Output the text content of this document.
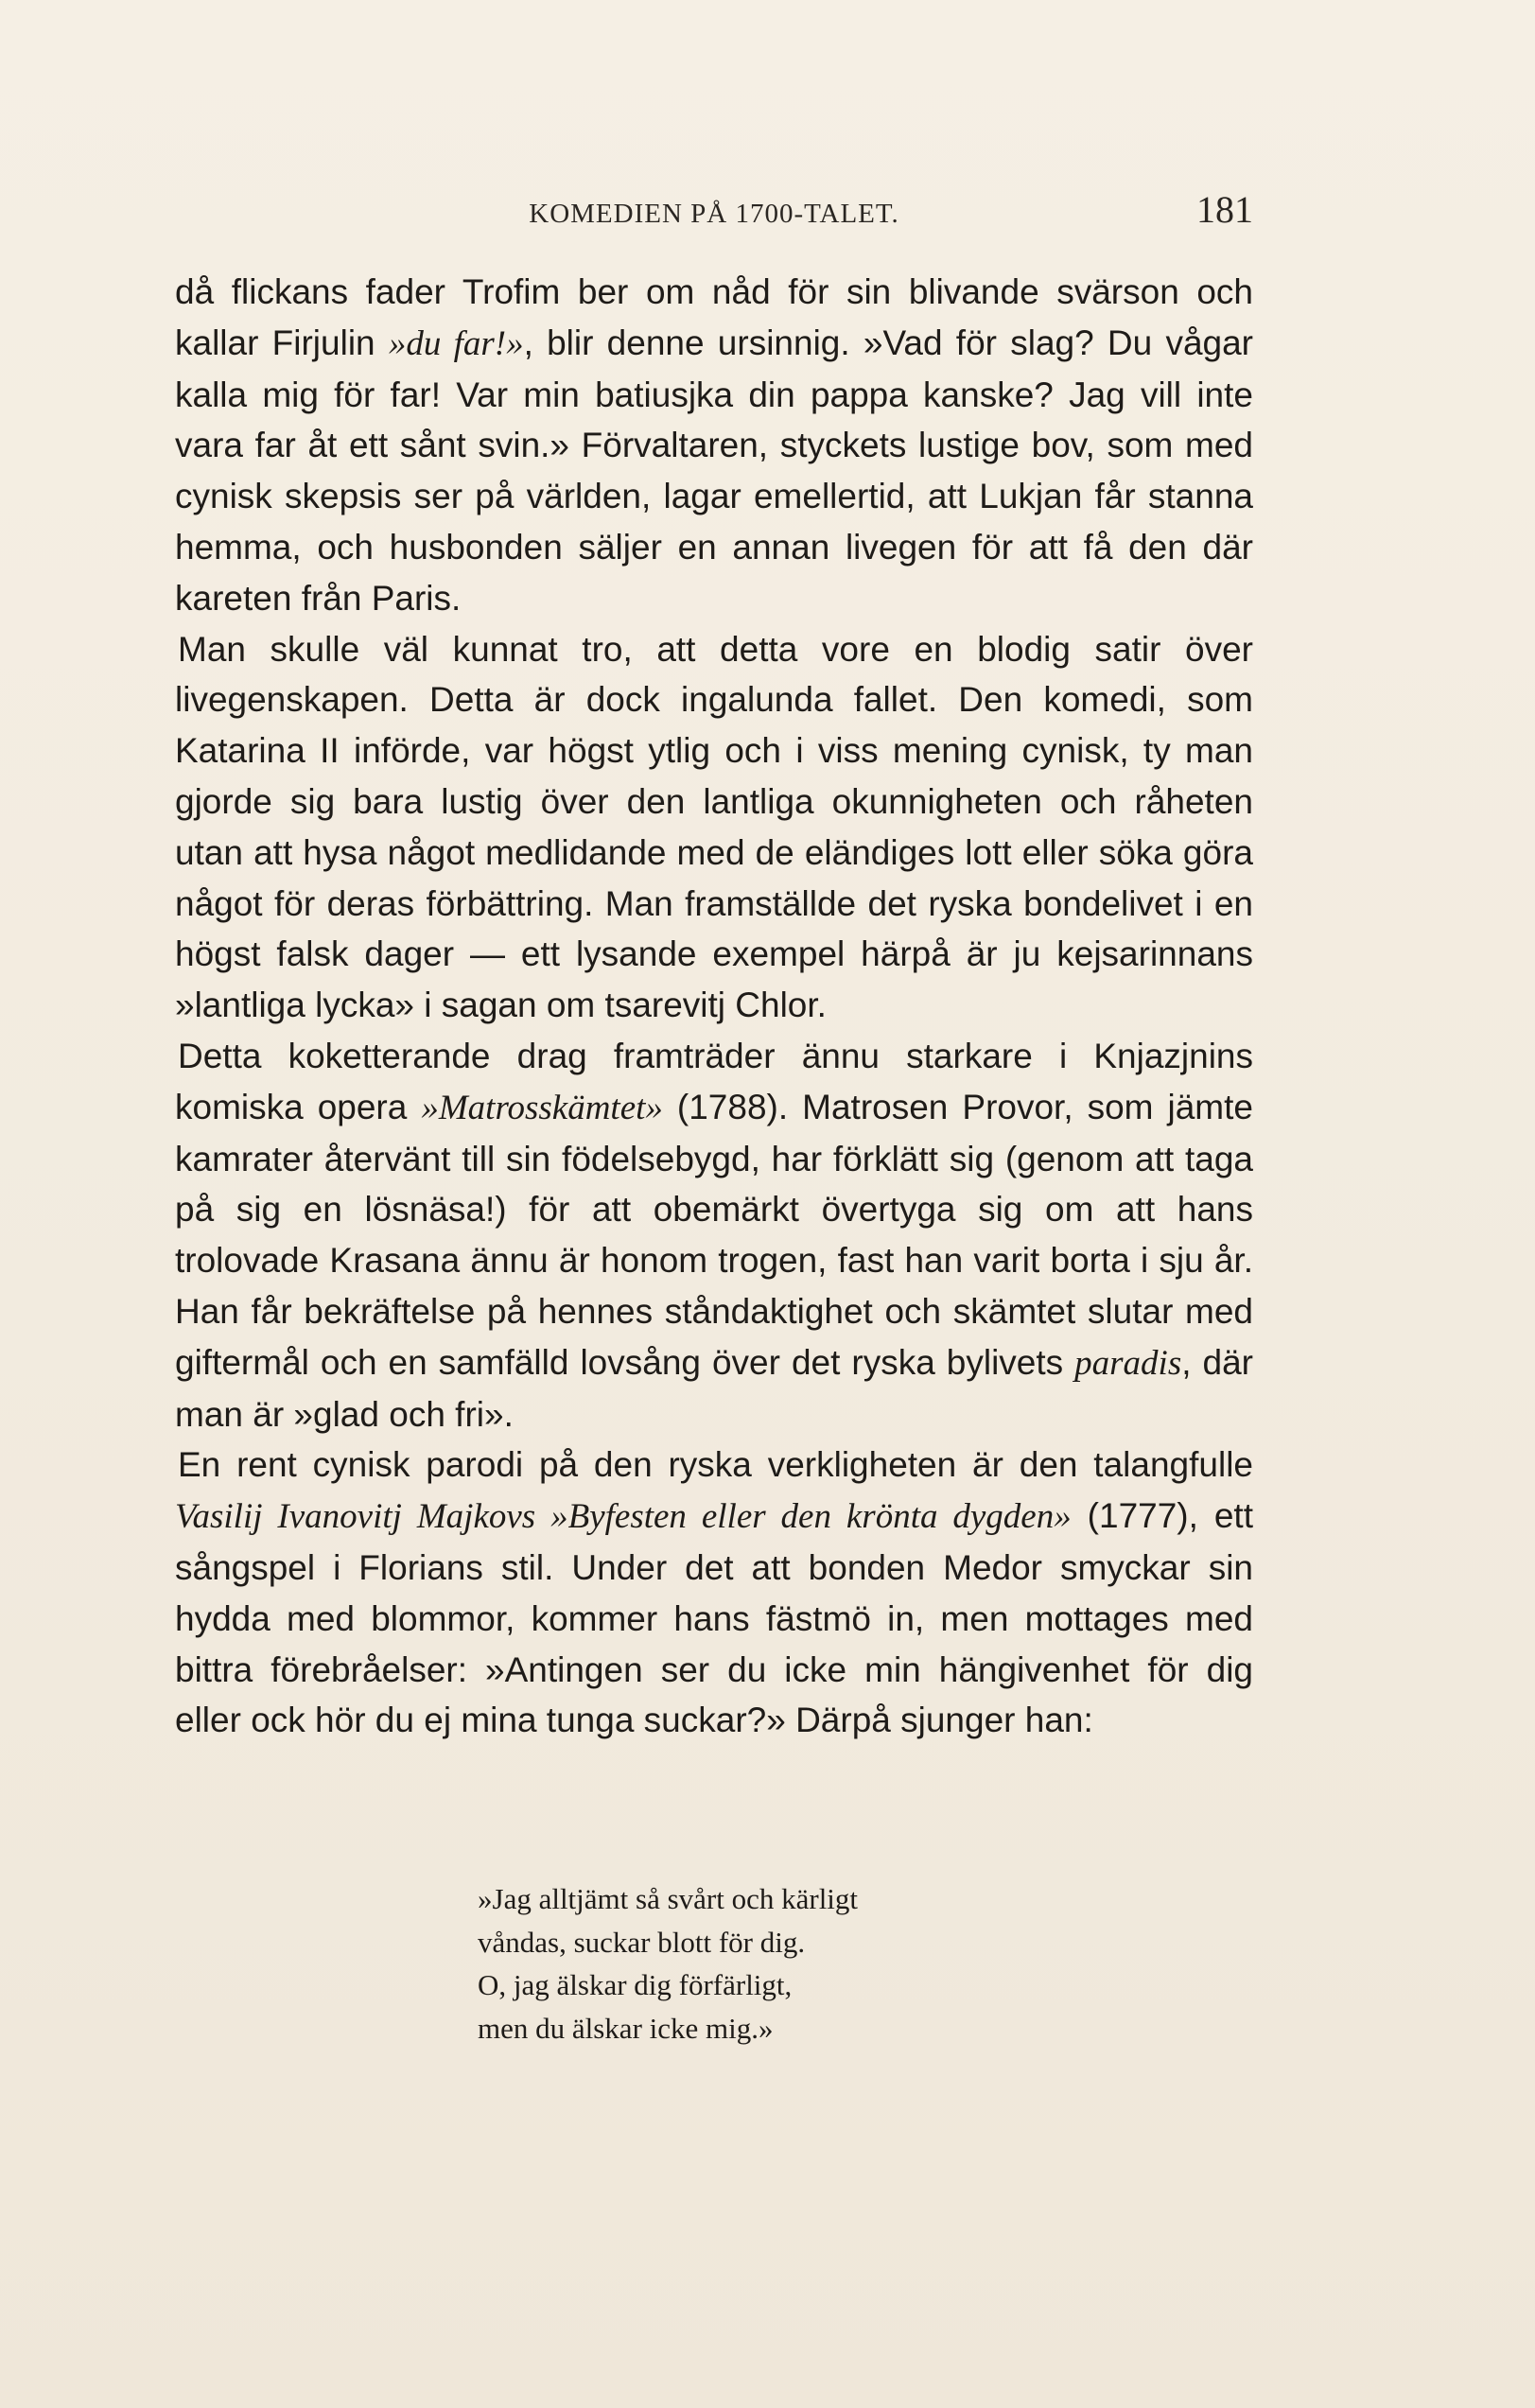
KOMEDIEN PÅ 1700-TALET.	181

då flickans fader Trofim ber om nåd för sin blivande svärson och kallar Firjulin »du far!», blir denne ursinnig. »Vad för slag? Du vågar kalla mig för far! Var min batiusjka din pappa kanske? Jag vill inte vara far åt ett sånt svin.» Förvaltaren, styckets lustige bov, som med cynisk skepsis ser på världen, lagar emellertid, att Lukjan får stanna hemma, och husbonden säljer en annan livegen för att få den där kareten från Paris.

Man skulle väl kunnat tro, att detta vore en blodig satir över livegenskapen. Detta är dock ingalunda fallet. Den komedi, som Katarina II införde, var högst ytlig och i viss mening cynisk, ty man gjorde sig bara lustig över den lantliga okunnigheten och råheten utan att hysa något medlidande med de eländiges lott eller söka göra något för deras förbättring. Man framställde det ryska bondelivet i en högst falsk dager — ett lysande exempel härpå är ju kejsarinnans »lantliga lycka» i sagan om tsarevitj Chlor.

Detta koketterande drag framträder ännu starkare i Knjazjnins komiska opera »Matrosskämtet» (1788). Matrosen Provor, som jämte kamrater återvänt till sin födelsebygd, har förklätt sig (genom att taga på sig en lösnäsa!) för att obemärkt övertyga sig om att hans trolovade Krasana ännu är honom trogen, fast han varit borta i sju år. Han får bekräftelse på hennes ståndaktighet och skämtet slutar med giftermål och en samfälld lovsång över det ryska bylivets paradis, där man är »glad och fri».

En rent cynisk parodi på den ryska verkligheten är den talangfulle Vasilij Ivanovitj Majkovs »Byfesten eller den krönta dygden» (1777), ett sångspel i Florians stil. Under det att bonden Medor smyckar sin hydda med blommor, kommer hans fästmö in, men mottages med bittra förebråelser: »Antingen ser du icke min hängivenhet för dig eller ock hör du ej mina tunga suckar?» Därpå sjunger han:

»Jag alltjämt så svårt och kärligt
våndas, suckar blott för dig.
O, jag älskar dig förfärligt,
men du älskar icke mig.»
